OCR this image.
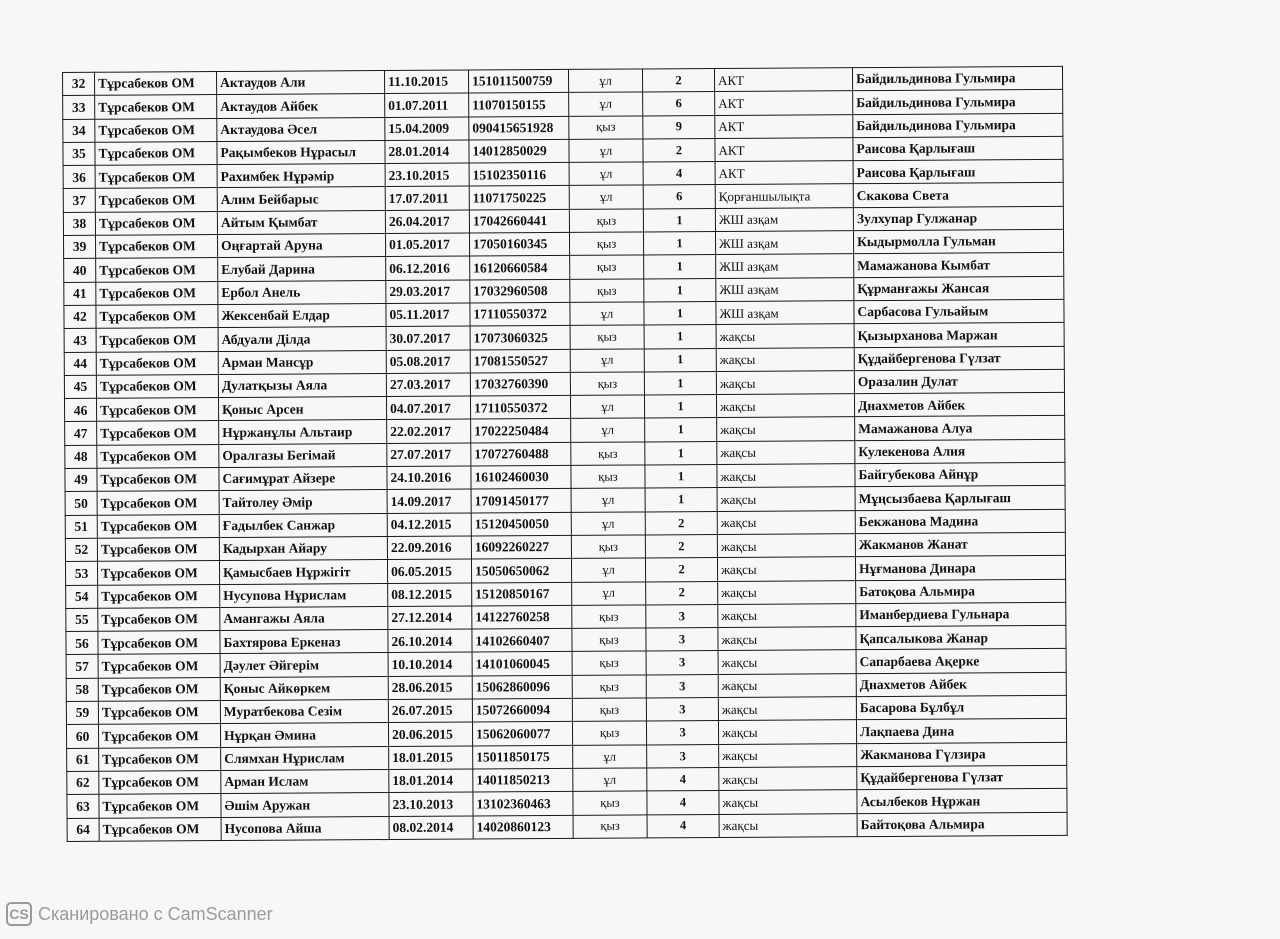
32	Тұрсабеков ОМ	Актаудов Али	11.10.2015	151011500759	ұл	2	АКТ	Байдильдинова Гульмира
33	Тұрсабеков ОМ	Актаудов Айбек	01.07.2011	11070150155	ұл	6	АКТ	Байдильдинова Гульмира
34	Тұрсабеков ОМ	Актаудова Әсел	15.04.2009	090415651928	қыз	9	АКТ	Байдильдинова Гульмира
35	Тұрсабеков ОМ	Рақымбеков Нұрасыл	28.01.2014	14012850029	ұл	2	АКТ	Раисова Қарлығаш
36	Тұрсабеков ОМ	Рахимбек Нұрәмір	23.10.2015	15102350116	ұл	4	АКТ	Раисова Қарлығаш
37	Тұрсабеков ОМ	Алим Бейбарыс	17.07.2011	11071750225	ұл	6	Қорғаншылықта	Скакова Света
38	Тұрсабеков ОМ	Айтым Қымбат	26.04.2017	17042660441	қыз	1	ЖШ азқам	Зулхупар Гулжанар
39	Тұрсабеков ОМ	Оңғартай Аруна	01.05.2017	17050160345	қыз	1	ЖШ азқам	Кыдырмолла Гульман
40	Тұрсабеков ОМ	Елубай Дарина	06.12.2016	16120660584	қыз	1	ЖШ азқам	Мамажанова Кымбат
41	Тұрсабеков ОМ	Ербол Анель	29.03.2017	17032960508	қыз	1	ЖШ азқам	Құрманғажы Жансая
42	Тұрсабеков ОМ	Жексенбай Елдар	05.11.2017	17110550372	ұл	1	ЖШ азқам	Сарбасова Гульайым
43	Тұрсабеков ОМ	Абдуали Ділда	30.07.2017	17073060325	қыз	1	жақсы	Қызырханова Маржан
44	Тұрсабеков ОМ	Арман Мансұр	05.08.2017	17081550527	ұл	1	жақсы	Құдайбергенова Гүлзат
45	Тұрсабеков ОМ	Дулатқызы Аяла	27.03.2017	17032760390	қыз	1	жақсы	Оразалин Дулат
46	Тұрсабеков ОМ	Қоныс Арсен	04.07.2017	17110550372	ұл	1	жақсы	Днахметов Айбек
47	Тұрсабеков ОМ	Нұржанұлы Альтаир	22.02.2017	17022250484	ұл	1	жақсы	Мамажанова Алуа
48	Тұрсабеков ОМ	Оралгазы Бегімай	27.07.2017	17072760488	қыз	1	жақсы	Кулекенова Алия
49	Тұрсабеков ОМ	Сағимұрат Айзере	24.10.2016	16102460030	қыз	1	жақсы	Байгубекова Айнұр
50	Тұрсабеков ОМ	Тайтолеу Әмір	14.09.2017	17091450177	ұл	1	жақсы	Мұңсызбаева Қарлығаш
51	Тұрсабеков ОМ	Ғадылбек Санжар	04.12.2015	15120450050	ұл	2	жақсы	Бекжанова Мадина
52	Тұрсабеков ОМ	Кадырхан Айару	22.09.2016	16092260227	қыз	2	жақсы	Жакманов Жанат
53	Тұрсабеков ОМ	Қамысбаев Нұржігіт	06.05.2015	15050650062	ұл	2	жақсы	Нұғманова Динара
54	Тұрсабеков ОМ	Нусупова Нұрислам	08.12.2015	15120850167	ұл	2	жақсы	Батоқова Альмира
55	Тұрсабеков ОМ	Амангажы Аяла	27.12.2014	14122760258	қыз	3	жақсы	Иманбердиева Гульнара
56	Тұрсабеков ОМ	Бахтярова Еркеназ	26.10.2014	14102660407	қыз	3	жақсы	Қапсалыкова Жанар
57	Тұрсабеков ОМ	Дәулет Әйгерім	10.10.2014	14101060045	қыз	3	жақсы	Сапарбаева Ақерке
58	Тұрсабеков ОМ	Қоныс Айкөркем	28.06.2015	15062860096	қыз	3	жақсы	Днахметов Айбек
59	Тұрсабеков ОМ	Муратбекова Сезім	26.07.2015	15072660094	қыз	3	жақсы	Басарова Бұлбұл
60	Тұрсабеков ОМ	Нұрқан Әмина	20.06.2015	15062060077	қыз	3	жақсы	Лақпаева Дина
61	Тұрсабеков ОМ	Слямхан Нұрислам	18.01.2015	15011850175	ұл	3	жақсы	Жакманова Гүлзира
62	Тұрсабеков ОМ	Арман Ислам	18.01.2014	14011850213	ұл	4	жақсы	Құдайбергенова Гүлзат
63	Тұрсабеков ОМ	Әшім Аружан	23.10.2013	13102360463	қыз	4	жақсы	Асылбеков Нұржан
64	Тұрсабеков ОМ	Нусопова Айша	08.02.2014	14020860123	қыз	4	жақсы	Байтоқова Альмира
CS Сканировано с CamScanner
